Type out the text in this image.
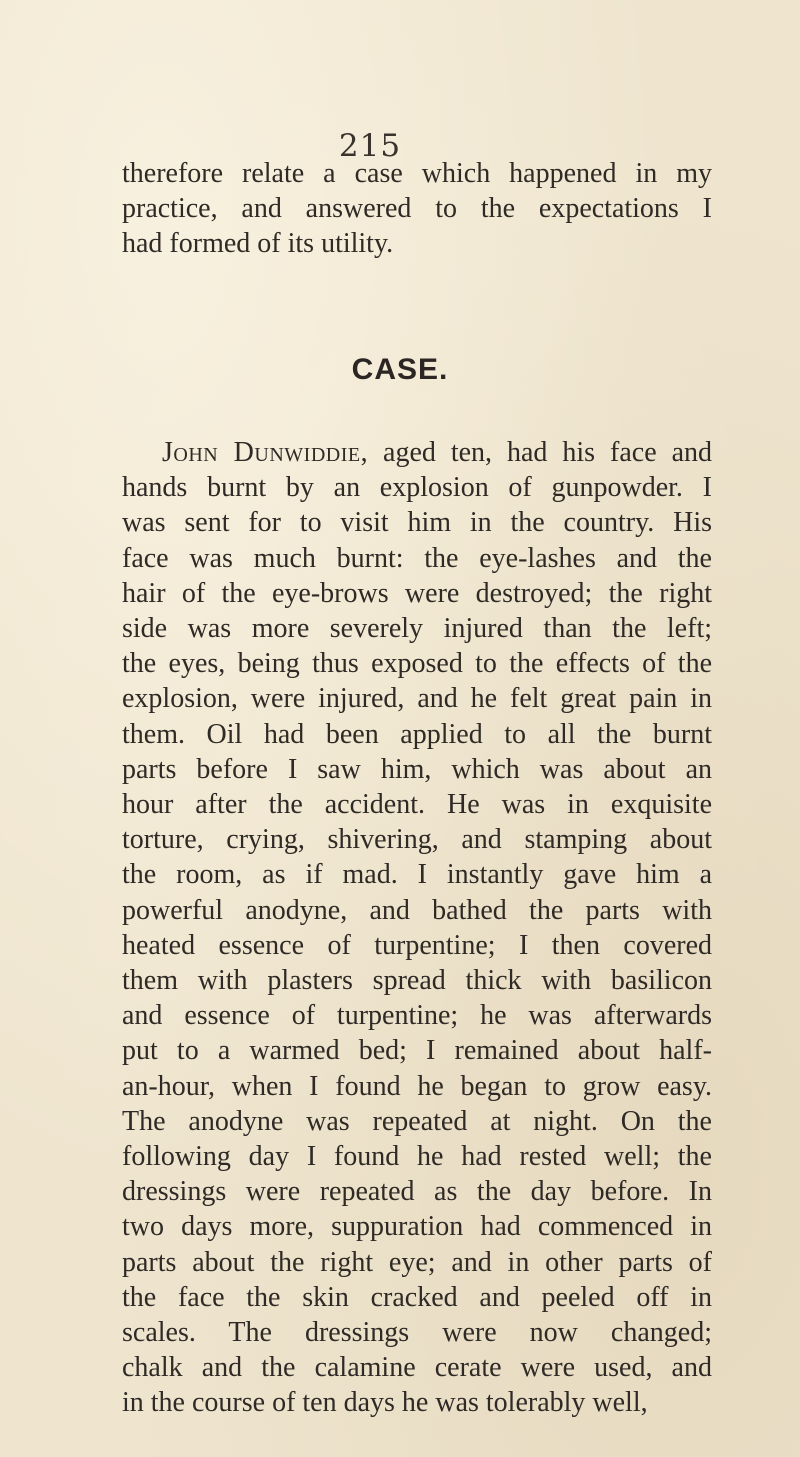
215

therefore relate a case which happened in my
practice, and answered to the expectations I
had formed of its utility.

CASE.

John Dunwiddie, aged ten, had his face and
hands burnt by an explosion of gunpowder. I
was sent for to visit him in the country. His
face was much burnt: the eye-lashes and the
hair of the eye-brows were destroyed; the right
side was more severely injured than the left;
the eyes, being thus exposed to the effects of the
explosion, were injured, and he felt great pain in
them. Oil had been applied to all the burnt
parts before I saw him, which was about an
hour after the accident. He was in exquisite
torture, crying, shivering, and stamping about
the room, as if mad. I instantly gave him a
powerful anodyne, and bathed the parts with
heated essence of turpentine; I then covered
them with plasters spread thick with basilicon
and essence of turpentine; he was afterwards
put to a warmed bed; I remained about half-
an-hour, when I found he began to grow easy.
The anodyne was repeated at night. On the
following day I found he had rested well; the
dressings were repeated as the day before. In
two days more, suppuration had commenced in
parts about the right eye; and in other parts of
the face the skin cracked and peeled off in
scales. The dressings were now changed;
chalk and the calamine cerate were used, and
in the course of ten days he was tolerably well,
